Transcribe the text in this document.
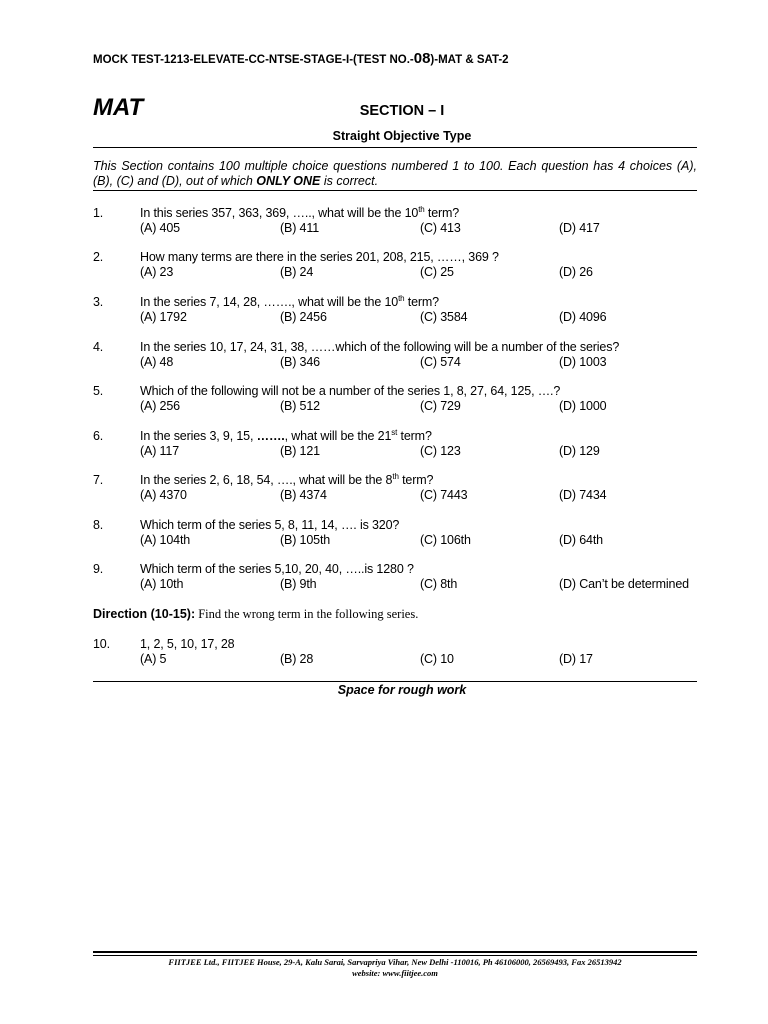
MOCK TEST-1213-ELEVATE-CC-NTSE-STAGE-I-(TEST NO.-08)-MAT & SAT-2
MAT	SECTION – I
Straight Objective Type
This Section contains 100 multiple choice questions numbered 1 to 100. Each question has 4 choices (A), (B), (C) and (D), out of which ONLY ONE is correct.
1.	In this series 357, 363, 369, ….., what will be the 10th term?
(A) 405	(B) 411	(C) 413	(D) 417
2.	How many terms are there in the series 201, 208, 215, ……, 369 ?
(A) 23	(B) 24	(C) 25	(D) 26
3.	In the series 7, 14, 28, ……., what will be the 10th term?
(A) 1792	(B) 2456	(C) 3584	(D) 4096
4.	In the series 10, 17, 24, 31, 38, ……which of the following will be a number of the series?
(A) 48	(B) 346	(C) 574	(D) 1003
5.	Which of the following will not be a number of the series 1, 8, 27, 64, 125, ….?
(A) 256	(B) 512	(C) 729	(D) 1000
6.	In the series 3, 9, 15, ……., what will be the 21st term?
(A) 117	(B) 121	(C) 123	(D) 129
7.	In the series 2, 6, 18, 54, …., what will be the 8th term?
(A) 4370	(B) 4374	(C) 7443	(D) 7434
8.	Which term of the series 5, 8, 11, 14, …. is 320?
(A) 104th	(B) 105th	(C) 106th	(D) 64th
9.	Which term of the series 5,10, 20, 40, …..is 1280 ?
(A) 10th	(B) 9th	(C) 8th	(D) Can’t be determined
Direction (10-15): Find the wrong term in the following series.
10. 1, 2, 5, 10, 17, 28
(A) 5	(B) 28	(C) 10	(D) 17
Space for rough work
FIITJEE Ltd., FIITJEE House, 29-A, Kalu Sarai, Sarvapriya Vihar, New Delhi -110016, Ph 46106000, 26569493, Fax 26513942
website: www.fiitjee.com
